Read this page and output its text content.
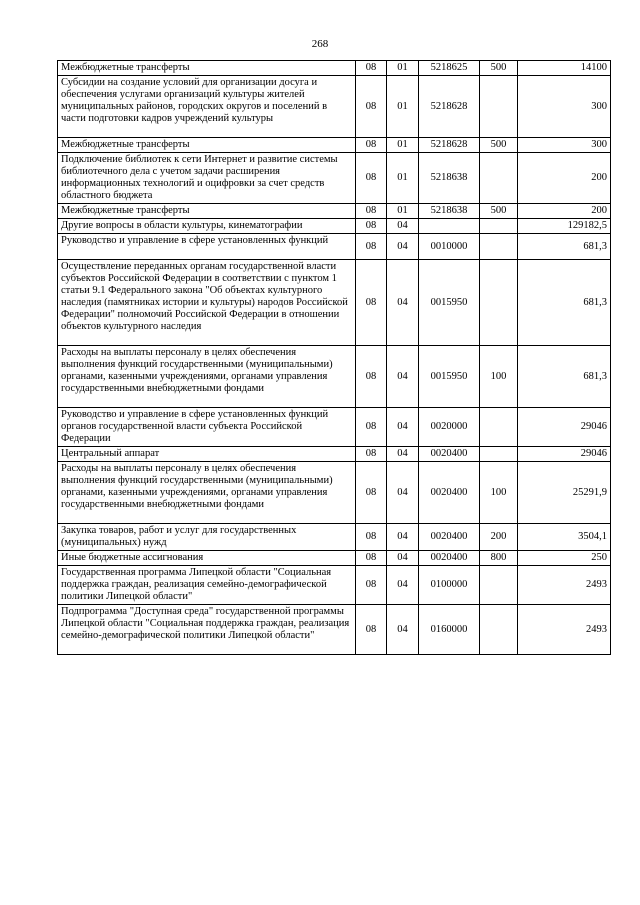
268
Межбюджетные трансферты	08	01	5218625	500	14100
Субсидии на создание условий для организации досуга и обеспечения услугами организаций культуры жителей муниципальных районов, городских округов и поселений в части подготовки кадров учреждений культуры	08	01	5218628		300
Межбюджетные трансферты	08	01	5218628	500	300
Подключение библиотек к сети Интернет и развитие системы библиотечного дела с учетом задачи расширения информационных технологий и оцифровки за счет средств областного бюджета	08	01	5218638		200
Межбюджетные трансферты	08	01	5218638	500	200
Другие вопросы в области культуры, кинематографии	08	04			129182,5
Руководство и управление в сфере установленных функций	08	04	0010000		681,3
Осуществление переданных органам государственной власти субъектов Российской Федерации в соответствии с пунктом 1 статьи 9.1 Федерального закона "Об объектах культурного наследия (памятниках истории и культуры) народов Российской Федерации" полномочий Российской Федерации в отношении объектов культурного наследия	08	04	0015950		681,3
Расходы на выплаты персоналу в целях обеспечения выполнения функций государственными (муниципальными) органами, казенными учреждениями, органами управления государственными внебюджетными фондами	08	04	0015950	100	681,3
Руководство и управление в сфере установленных функций органов государственной власти субъекта Российской Федерации	08	04	0020000		29046
Центральный аппарат	08	04	0020400		29046
Расходы на выплаты персоналу в целях обеспечения выполнения функций государственными (муниципальными) органами, казенными учреждениями, органами управления государственными внебюджетными фондами	08	04	0020400	100	25291,9
Закупка товаров, работ и услуг для государственных (муниципальных) нужд	08	04	0020400	200	3504,1
Иные бюджетные ассигнования	08	04	0020400	800	250
Государственная программа Липецкой области "Социальная поддержка граждан, реализация семейно-демографической политики Липецкой области"	08	04	0100000		2493
Подпрограмма "Доступная среда" государственной программы Липецкой области "Социальная поддержка граждан, реализация семейно-демографической политики Липецкой области"	08	04	0160000		2493
